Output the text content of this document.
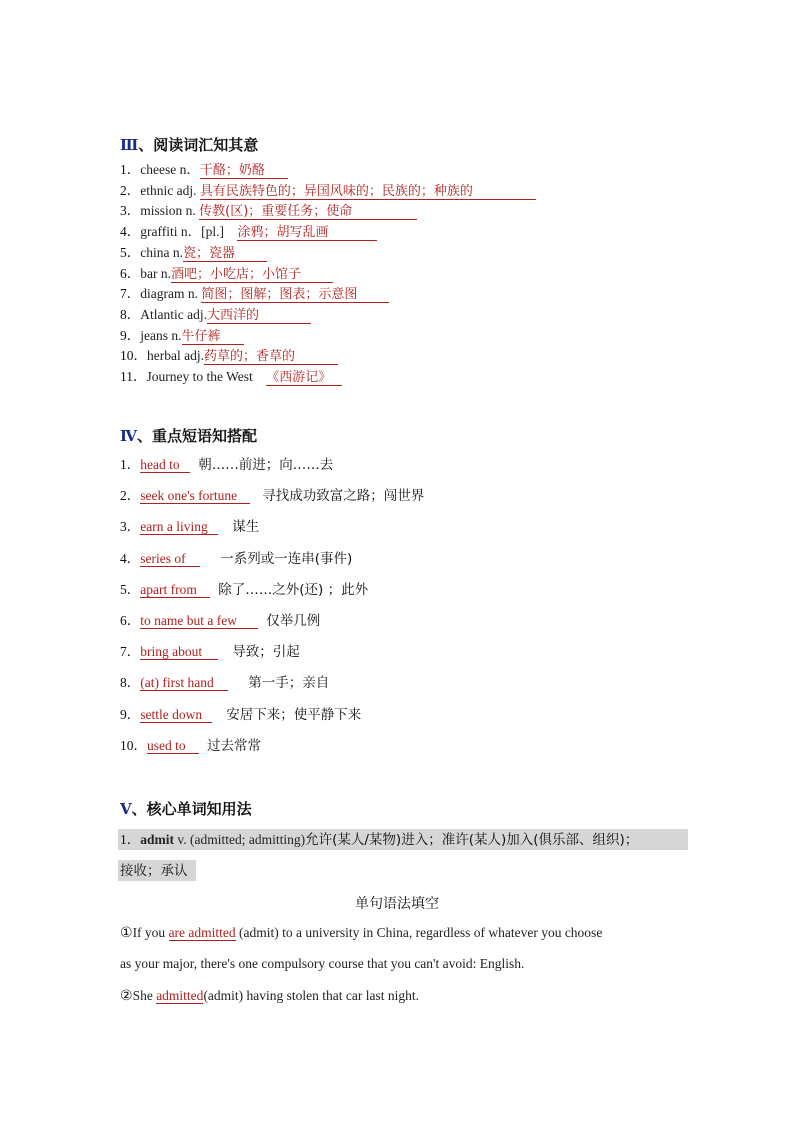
Ⅲ、阅读词汇知其意
1．cheese n．干酪；奶酪
2．ethnic adj. 具有民族特色的；异国风味的；民族的；种族的
3．mission n. 传教(区)；重要任务；使命
4．graffiti n．[pl.]　涂鸦；胡写乱画
5．china n.瓷；瓷器
6．bar n.酒吧；小吃店；小馆子
7．diagram n. 简图；图解；图表；示意图
8．Atlantic adj.大西洋的
9．jeans n.牛仔裤
10．herbal adj.药草的；香草的
11．Journey to the West　《西游记》
Ⅳ、重点短语知搭配
1．head to 朝……前进；向……去
2．seek one's fortune 寻找成功致富之路；闯世界
3．earn a living 谋生
4．series of	一系列或一连串(事件)
5．apart from 除了……之外(还) ；此外
6．to name but a few 仅举几例
7．bring about 导致；引起
8．(at) first hand	第一手；亲自
9．settle down 安居下来；使平静下来
10．used to 过去常常
Ⅴ、核心单词知用法
1．admit v. (admitted; admitting)允许(某人/某物)进入；准许(某人)加入(俱乐部、组织)；
接收；承认
单句语法填空
①If you are admitted (admit) to a university in China, regardless of whatever you choose
as your major, there's one compulsory course that you can't avoid: English.
②She admitted(admit) having stolen that car last night.
